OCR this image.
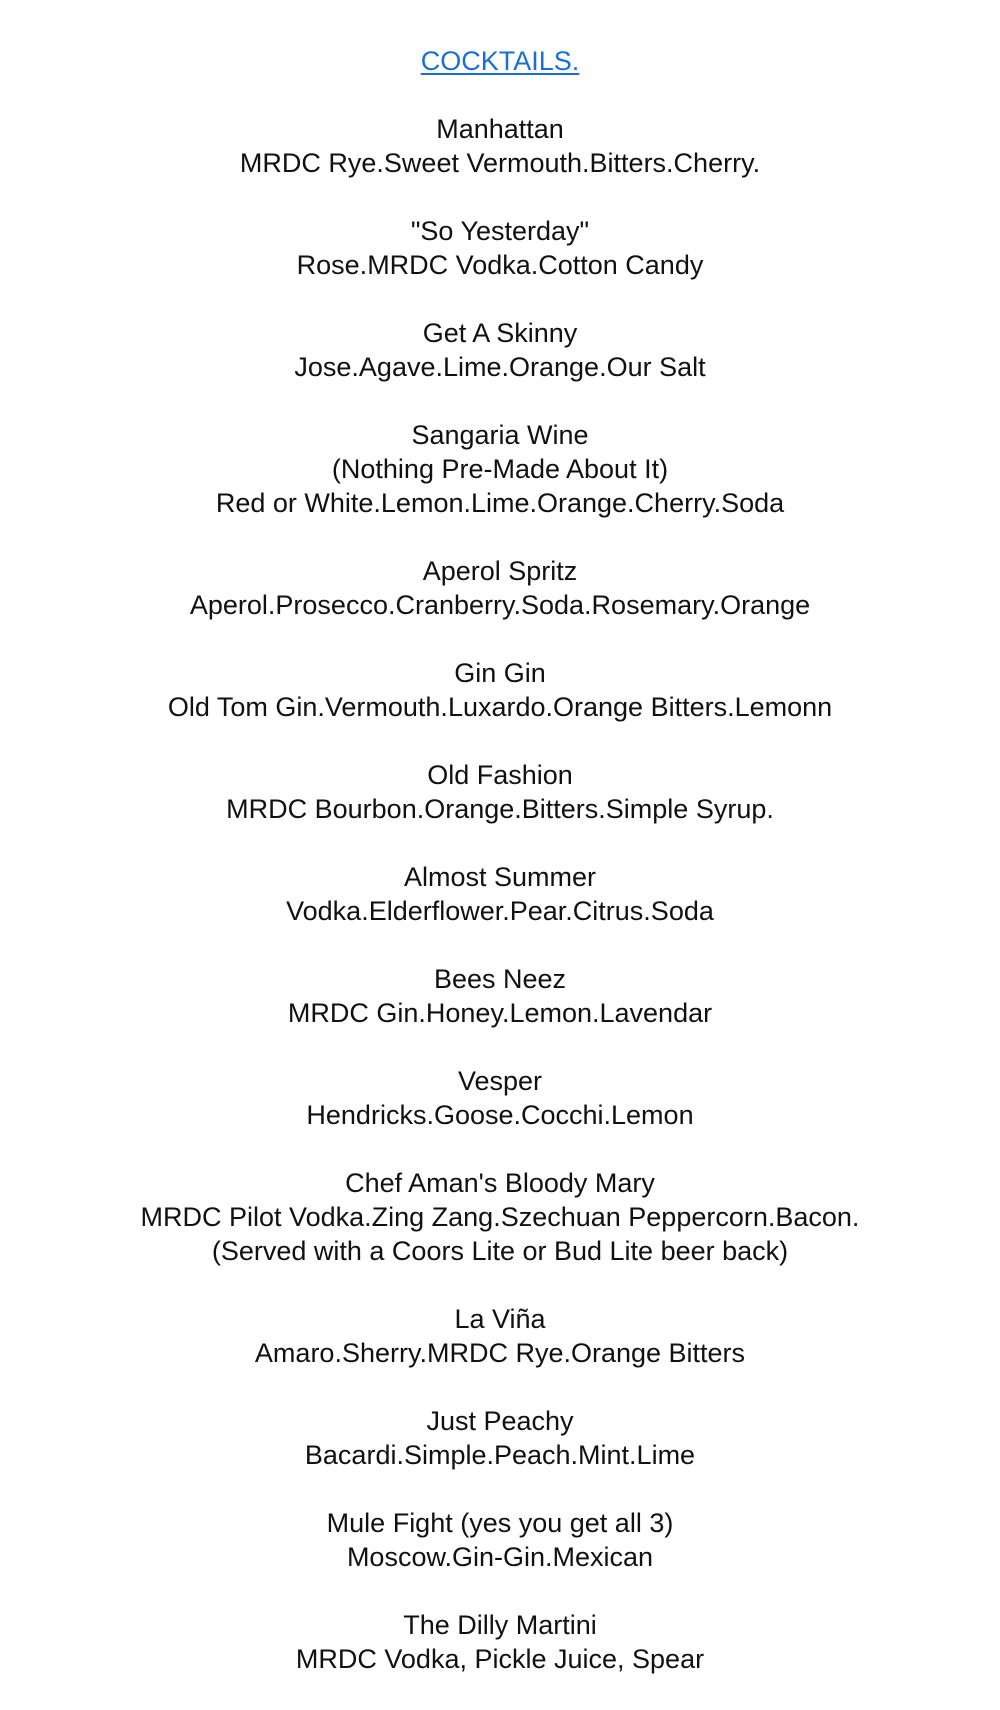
COCKTAILS.
Manhattan
MRDC Rye.Sweet Vermouth.Bitters.Cherry.
"So Yesterday"
Rose.MRDC Vodka.Cotton Candy
Get A Skinny
Jose.Agave.Lime.Orange.Our Salt
Sangaria Wine
(Nothing Pre-Made About It)
Red or White.Lemon.Lime.Orange.Cherry.Soda
Aperol Spritz
Aperol.Prosecco.Cranberry.Soda.Rosemary.Orange
Gin Gin
Old Tom Gin.Vermouth.Luxardo.Orange Bitters.Lemonn
Old Fashion
MRDC Bourbon.Orange.Bitters.Simple Syrup.
Almost Summer
Vodka.Elderflower.Pear.Citrus.Soda
Bees Neez
MRDC Gin.Honey.Lemon.Lavendar
Vesper
Hendricks.Goose.Cocchi.Lemon
Chef Aman's Bloody Mary
MRDC Pilot Vodka.Zing Zang.Szechuan Peppercorn.Bacon.
(Served with a Coors Lite or Bud Lite beer back)
La Viña
Amaro.Sherry.MRDC Rye.Orange Bitters
Just Peachy
Bacardi.Simple.Peach.Mint.Lime
Mule Fight (yes you get all 3)
Moscow.Gin-Gin.Mexican
The Dilly Martini
MRDC Vodka, Pickle Juice, Spear
